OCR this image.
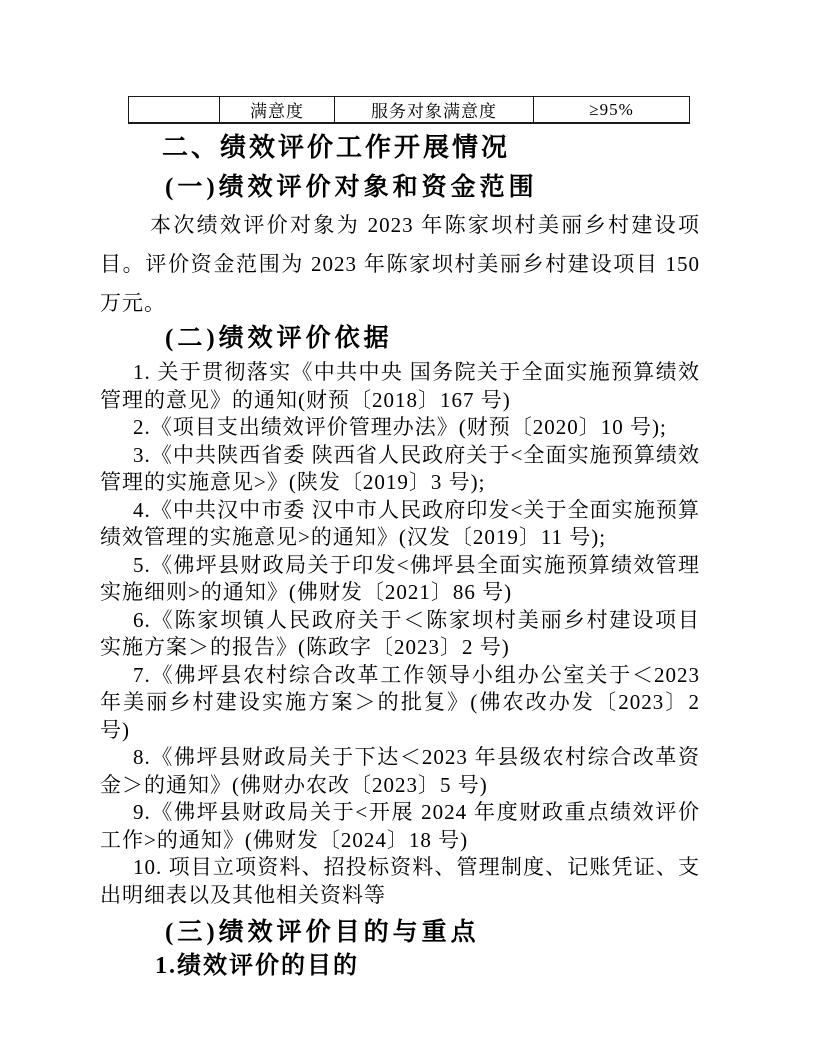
	满意度	服务对象满意度	≥95%
二、绩效评价工作开展情况
(一)绩效评价对象和资金范围

本次绩效评价对象为 2023 年陈家坝村美丽乡村建设项目。评价资金范围为 2023 年陈家坝村美丽乡村建设项目 150 万元。

(二)绩效评价依据

1. 关于贯彻落实《中共中央 国务院关于全面实施预算绩效管理的意见》的通知(财预〔2018〕167 号)

2.《项目支出绩效评价管理办法》(财预〔2020〕10 号);

3.《中共陕西省委 陕西省人民政府关于<全面实施预算绩效管理的实施意见>》(陕发〔2019〕3 号);

4.《中共汉中市委 汉中市人民政府印发<关于全面实施预算绩效管理的实施意见>的通知》(汉发〔2019〕11 号);

5.《佛坪县财政局关于印发<佛坪县全面实施预算绩效管理实施细则>的通知》(佛财发〔2021〕86 号)

6.《陈家坝镇人民政府关于＜陈家坝村美丽乡村建设项目实施方案＞的报告》(陈政字〔2023〕2 号)

7.《佛坪县农村综合改革工作领导小组办公室关于＜2023 年美丽乡村建设实施方案＞的批复》(佛农改办发〔2023〕2 号)

8.《佛坪县财政局关于下达＜2023 年县级农村综合改革资金＞的通知》(佛财办农改〔2023〕5 号)

9.《佛坪县财政局关于<开展 2024 年度财政重点绩效评价工作>的通知》(佛财发〔2024〕18 号)

10. 项目立项资料、招投标资料、管理制度、记账凭证、支出明细表以及其他相关资料等

(三)绩效评价目的与重点
1.绩效评价的目的
